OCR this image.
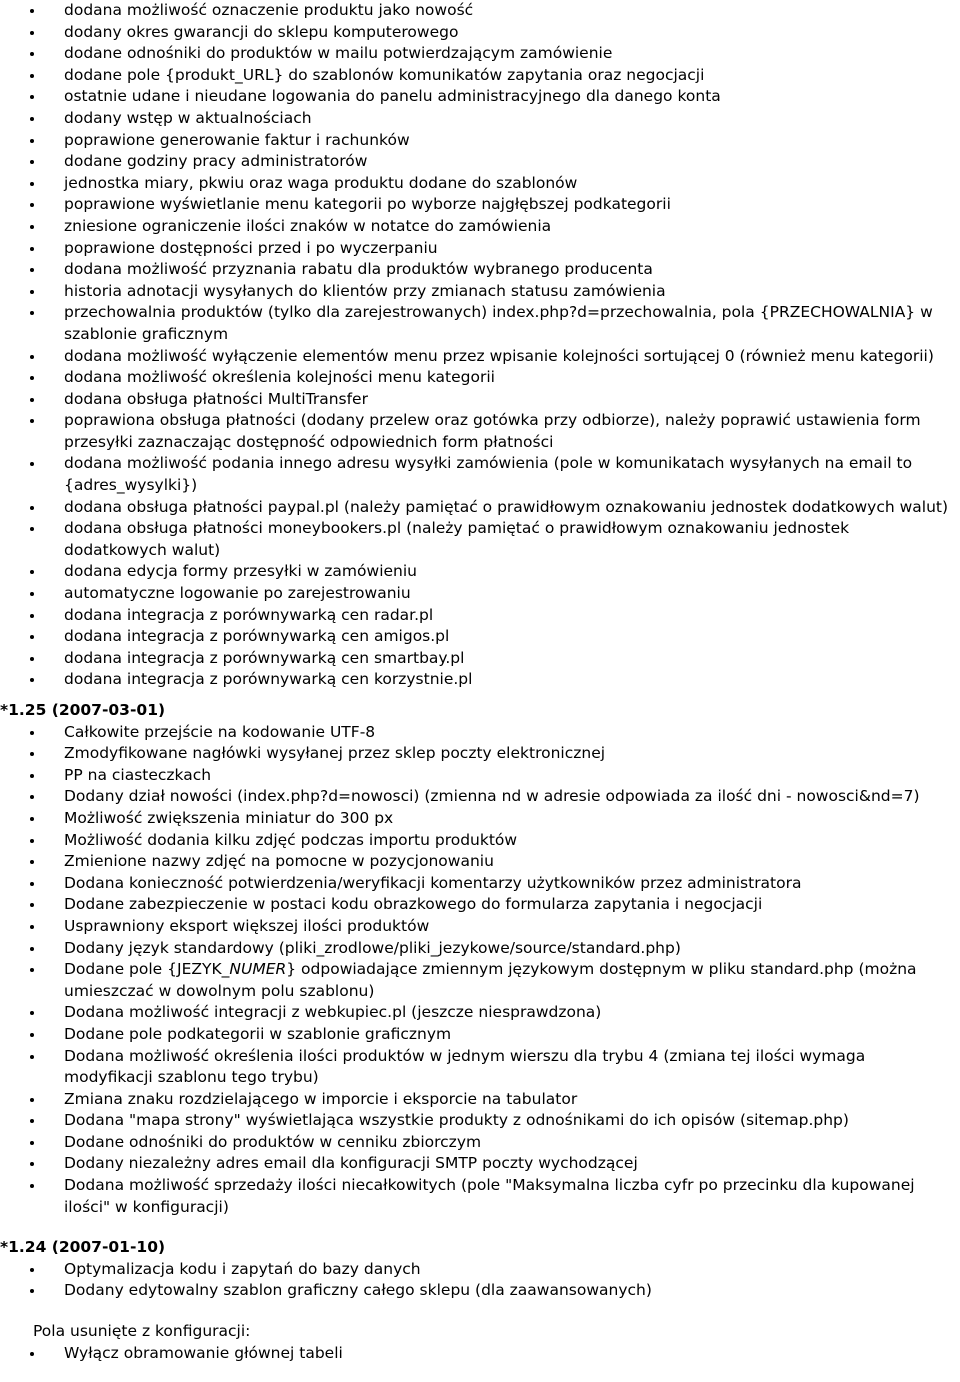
dodana możliwość oznaczenie produktu jako nowość
dodany okres gwarancji do sklepu komputerowego
dodane odnośniki do produktów w mailu potwierdzającym zamówienie
dodane pole {produkt_URL} do szablonów komunikatów zapytania oraz negocjacji
ostatnie udane i nieudane logowania do panelu administracyjnego dla danego konta
dodany wstęp w aktualnościach
poprawione generowanie faktur i rachunków
dodane godziny pracy administratorów
jednostka miary, pkwiu oraz waga produktu dodane do szablonów
poprawione wyświetlanie menu kategorii po wyborze najgłębszej podkategorii
zniesione ograniczenie ilości znaków w notatce do zamówienia
poprawione dostępności przed i po wyczerpaniu
dodana możliwość przyznania rabatu dla produktów wybranego producenta
historia adnotacji wysyłanych do klientów przy zmianach statusu zamówienia
przechowalnia produktów (tylko dla zarejestrowanych) index.php?d=przechowalnia, pola {PRZECHOWALNIA} w szablonie graficznym
dodana możliwość wyłączenie elementów menu przez wpisanie kolejności sortującej 0 (również menu kategorii)
dodana możliwość określenia kolejności menu kategorii
dodana obsługa płatności MultiTransfer
poprawiona obsługa płatności (dodany przelew oraz gotówka przy odbiorze), należy poprawić ustawienia form przesyłki zaznaczając dostępność odpowiednich form płatności
dodana możliwość podania innego adresu wysyłki zamówienia (pole w komunikatach wysyłanych na email to {adres_wysylki})
dodana obsługa płatności paypal.pl (należy pamiętać o prawidłowym oznakowaniu jednostek dodatkowych walut)
dodana obsługa płatności moneybookers.pl (należy pamiętać o prawidłowym oznakowaniu jednostek dodatkowych walut)
dodana edycja formy przesyłki w zamówieniu
automatyczne logowanie po zarejestrowaniu
dodana integracja z porównywarką cen radar.pl
dodana integracja z porównywarką cen amigos.pl
dodana integracja z porównywarką cen smartbay.pl
dodana integracja z porównywarką cen korzystnie.pl
*1.25 (2007-03-01)
Całkowite przejście na kodowanie UTF-8
Zmodyfikowane nagłówki wysyłanej przez sklep poczty elektronicznej
PP na ciasteczkach
Dodany dział nowości (index.php?d=nowosci) (zmienna nd w adresie odpowiada za ilość dni - nowosci&nd=7)
Możliwość zwiększenia miniatur do 300 px
Możliwość dodania kilku zdjęć podczas importu produktów
Zmienione nazwy zdjęć na pomocne w pozycjonowaniu
Dodana konieczność potwierdzenia/weryfikacji komentarzy użytkowników przez administratora
Dodane zabezpieczenie w postaci kodu obrazkowego do formularza zapytania i negocjacji
Usprawniony eksport większej ilości produktów
Dodany język standardowy (pliki_zrodlowe/pliki_jezykowe/source/standard.php)
Dodane pole {JEZYK_NUMER} odpowiadające zmiennym językowym dostępnym w pliku standard.php (można umieszczać w dowolnym polu szablonu)
Dodana możliwość integracji z webkupiec.pl (jeszcze niesprawdzona)
Dodane pole podkategorii w szablonie graficznym
Dodana możliwość określenia ilości produktów w jednym wierszu dla trybu 4 (zmiana tej ilości wymaga modyfikacji szablonu tego trybu)
Zmiana znaku rozdzielającego w imporcie i eksporcie na tabulator
Dodana "mapa strony" wyświetlająca wszystkie produkty z odnośnikami do ich opisów (sitemap.php)
Dodane odnośniki do produktów w cenniku zbiorczym
Dodany niezależny adres email dla konfiguracji SMTP poczty wychodzącej
Dodana możliwość sprzedaży ilości niecałkowitych (pole "Maksymalna liczba cyfr po przecinku dla kupowanej ilości" w konfiguracji)
*1.24 (2007-01-10)
Optymalizacja kodu i zapytań do bazy danych
Dodany edytowalny szablon graficzny całego sklepu (dla zaawansowanych)
Pola usunięte z konfiguracji:
Wyłącz obramowanie głównej tabeli
